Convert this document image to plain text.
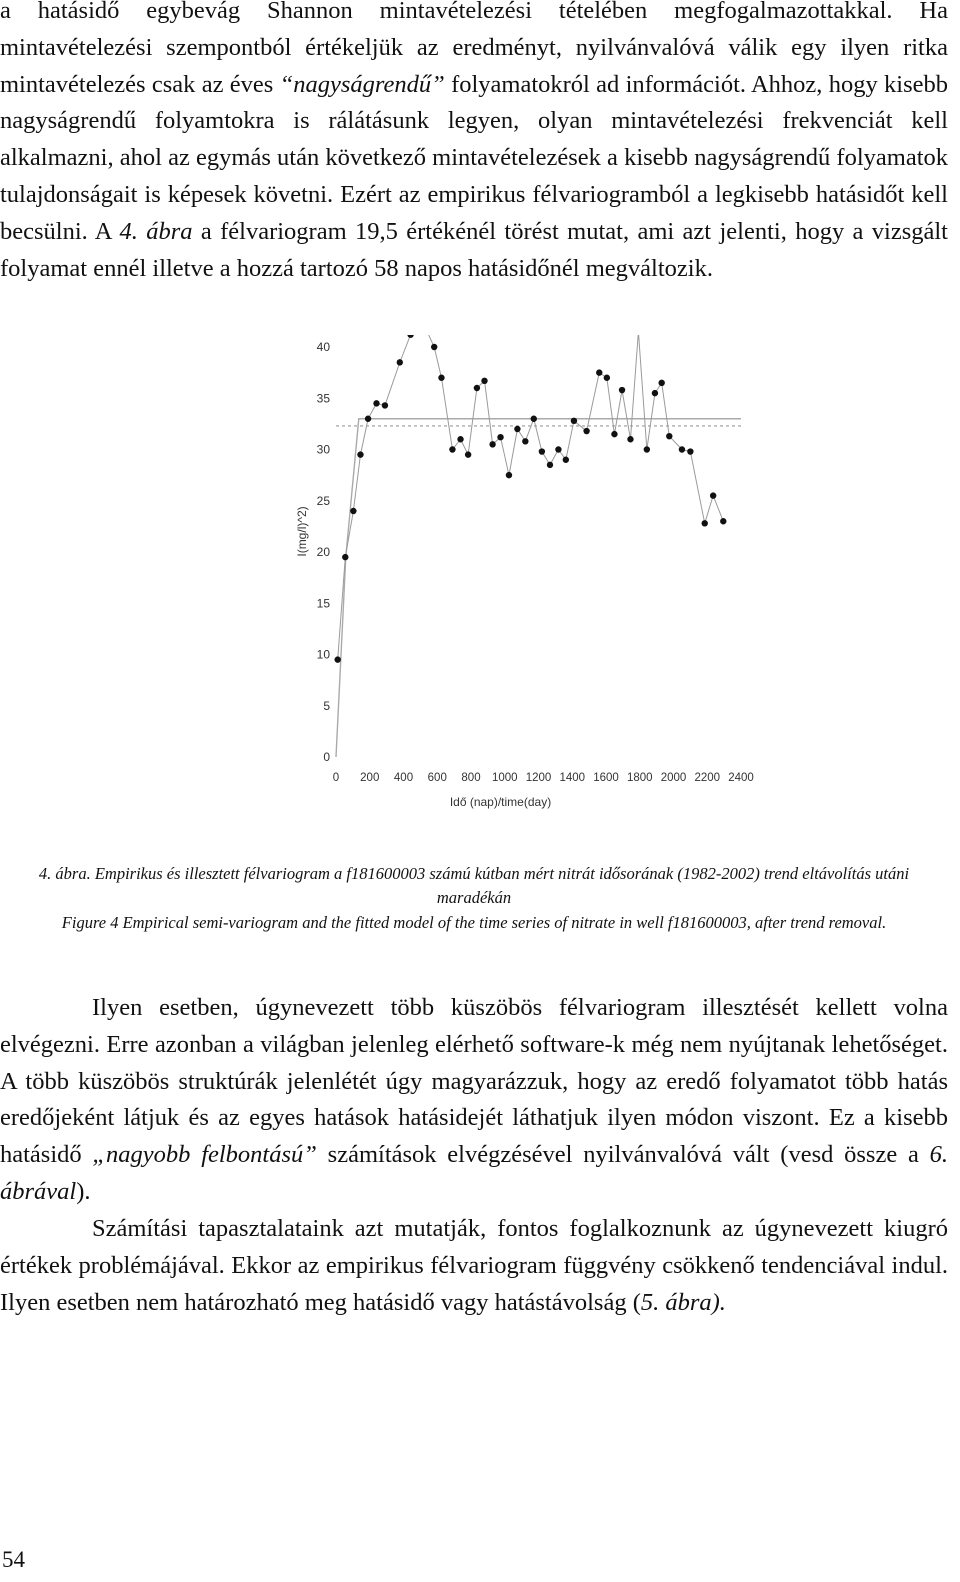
a hatásidő egybevág Shannon mintavételezési tételében megfogalmazottakkal. Ha mintavételezési szempontból értékeljük az eredményt, nyilvánvalóvá válik egy ilyen ritka mintavételezés csak az éves “nagyságrendű” folyamatokról ad információt. Ahhoz, hogy kisebb nagyságrendű folyamtokra is rálátásunk legyen, olyan mintavételezési frekvenciát kell alkalmazni, ahol az egymás után következő mintavételezések a kisebb nagyságrendű folyamatok tulajdonságait is képesek követni. Ezért az empirikus félvariogramból a legkisebb hatásidőt kell becsülni. A 4. ábra a félvariogram 19,5 értékénél törést mutat, ami azt jelenti, hogy a vizsgált folyamat ennél illetve a hozzá tartozó 58 napos hatásidőnél megváltozik.

0
5
10
15
20
25
30
35
40
0 200 400 600 800 1000 1200 1400 1600 1800 2000 2200 2400
Idő (nap)/time(day)
I(mg/l)^2)

4. ábra. Empirikus és illesztett félvariogram a f181600003 számú kútban mért nitrát idősorának (1982-2002) trend eltávolítás utáni maradékán

Figure 4 Empirical semi-variogram and the fitted model of the time series of nitrate in well f181600003, after trend removal.

Ilyen esetben, úgynevezett több küszöbös félvariogram illesztését kellett volna elvégezni. Erre azonban a világban jelenleg elérhető software-k még nem nyújtanak lehetőséget. A több küszöbös struktúrák jelenlétét úgy magyarázzuk, hogy az eredő folyamatot több hatás eredőjeként látjuk és az egyes hatások hatásidejét láthatjuk ilyen módon viszont. Ez a kisebb hatásidő „nagyobb felbontású” számítások elvégzésével nyilvánvalóvá vált (vesd össze a 6. ábrával).

Számítási tapasztalataink azt mutatják, fontos foglalkoznunk az úgynevezett kiugró értékek problémájával. Ekkor az empirikus félvariogram függvény csökkenő tendenciával indul. Ilyen esetben nem határozható meg hatásidő vagy hatástávolság (5. ábra).

54
